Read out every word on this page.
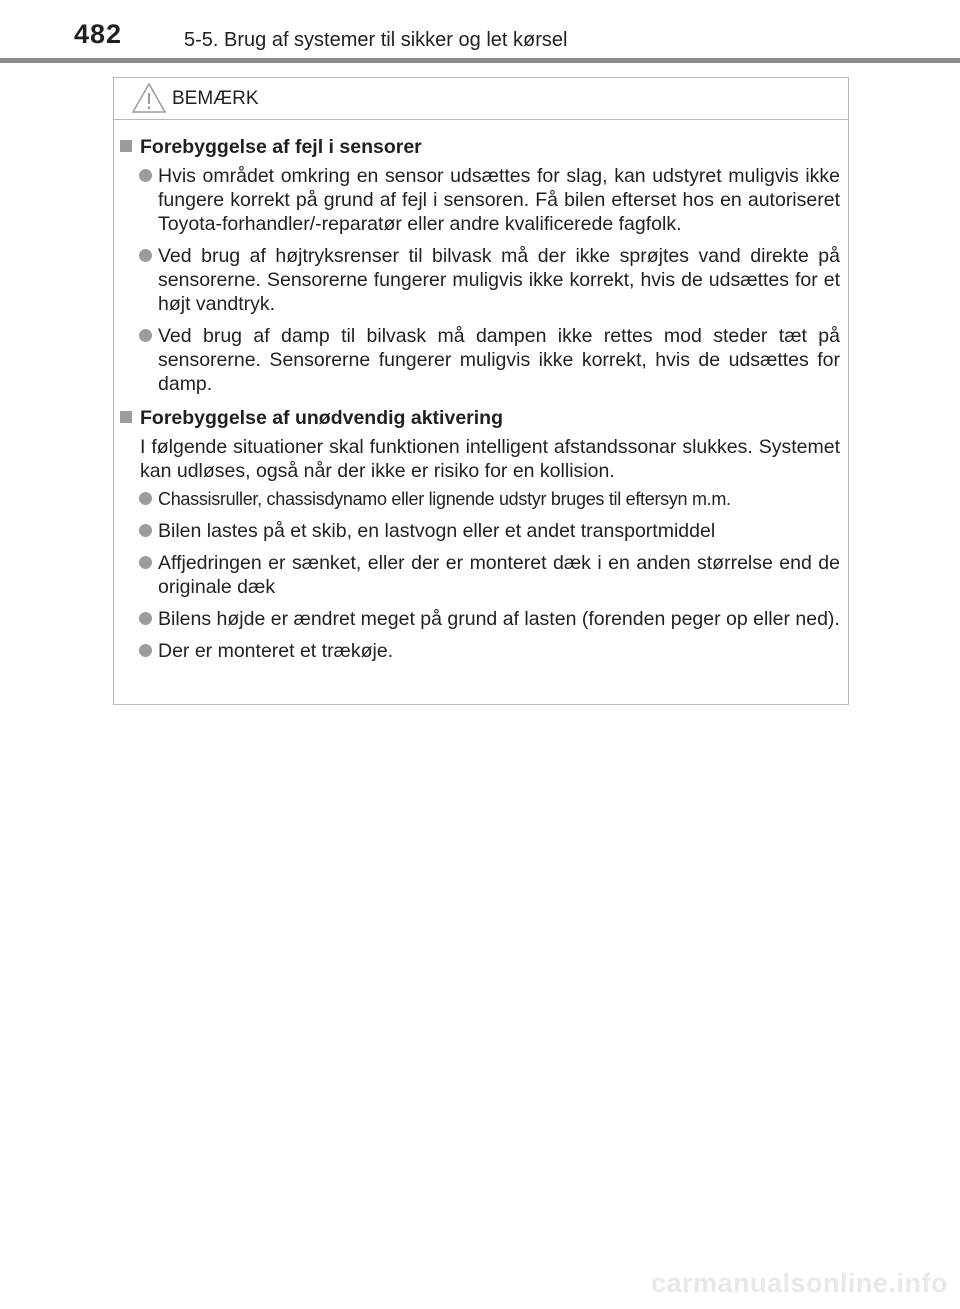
482	5-5. Brug af systemer til sikker og let kørsel
BEMÆRK
Forebyggelse af fejl i sensorer
Hvis området omkring en sensor udsættes for slag, kan udstyret muligvis ikke fungere korrekt på grund af fejl i sensoren. Få bilen efterset hos en autoriseret Toyota-forhandler/-reparatør eller andre kvalificerede fagfolk.
Ved brug af højtryksrenser til bilvask må der ikke sprøjtes vand direkte på sensorerne. Sensorerne fungerer muligvis ikke korrekt, hvis de udsættes for et højt vandtryk.
Ved brug af damp til bilvask må dampen ikke rettes mod steder tæt på sensorerne. Sensorerne fungerer muligvis ikke korrekt, hvis de udsættes for damp.
Forebyggelse af unødvendig aktivering

I følgende situationer skal funktionen intelligent afstandssonar slukkes. Systemet kan udløses, også når der ikke er risiko for en kollision.

Chassisruller, chassisdynamo eller lignende udstyr bruges til eftersyn m.m.
Bilen lastes på et skib, en lastvogn eller et andet transportmiddel
Affjedringen er sænket, eller der er monteret dæk i en anden størrelse end de originale dæk
Bilens højde er ændret meget på grund af lasten (forenden peger op eller ned).
Der er monteret et trækøje.
carmanualsonline.info
